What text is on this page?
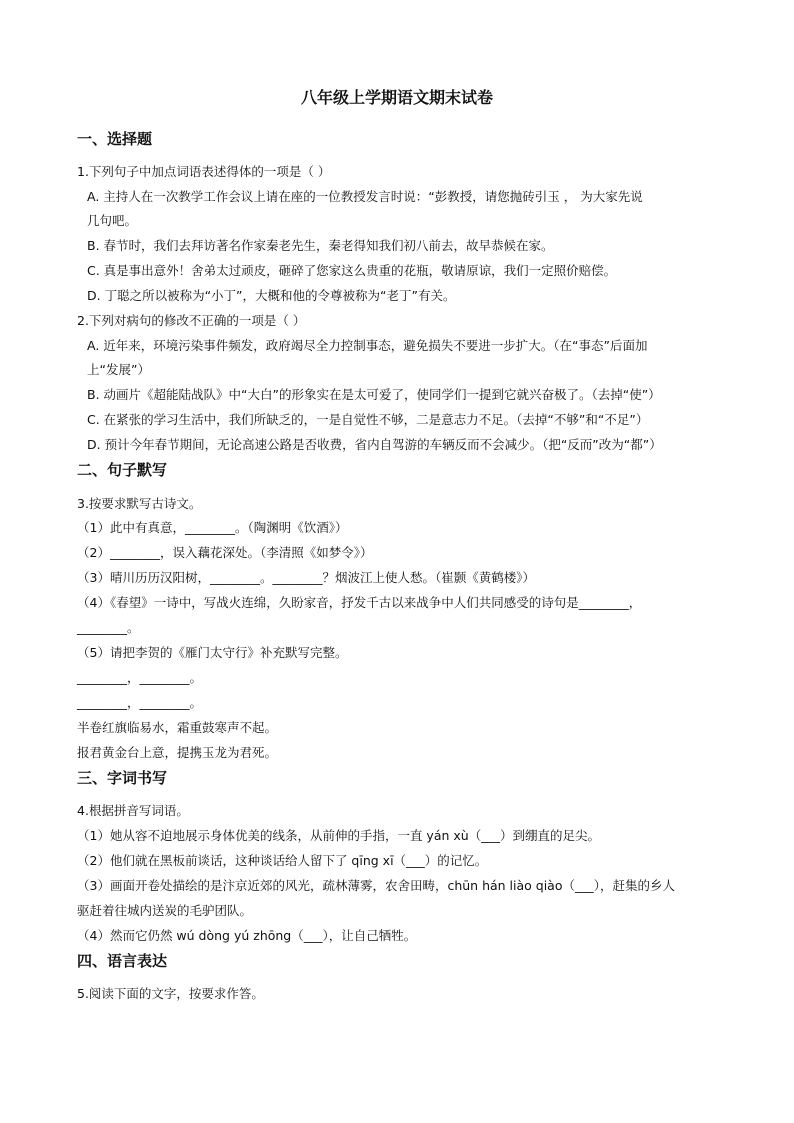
八年级上学期语文期末试卷
一、选择题
1.下列句子中加点词语表述得体的一项是（ ）
A. 主持人在一次教学工作会议上请在座的一位教授发言时说：“彭教授，请您抛砖引玉 ， 为大家先说
几句吧。
B. 春节时，我们去拜访著名作家秦老先生，秦老得知我们初八前去，故早恭候在家。
C. 真是事出意外！舍弟太过顽皮，砸碎了您家这么贵重的花瓶，敬请原谅，我们一定照价赔偿。
D. 丁聪之所以被称为“小丁”，大概和他的令尊被称为“老丁”有关。
2.下列对病句的修改不正确的一项是（ ）
A. 近年来，环境污染事件频发，政府竭尽全力控制事态，避免损失不要进一步扩大。（在“事态”后面加
上“发展”）
B. 动画片《超能陆战队》中“大白”的形象实在是太可爱了，使同学们一提到它就兴奋极了。（去掉“使”）
C. 在紧张的学习生活中，我们所缺乏的，一是自觉性不够，二是意志力不足。（去掉“不够”和“不足”）
D. 预计今年春节期间，无论高速公路是否收费，省内自驾游的车辆反而不会减少。（把“反而”改为“都”）
二、句子默写
3.按要求默写古诗文。
（1）此中有真意，________。（陶渊明《饮酒》）
（2）________，误入藕花深处。（李清照《如梦令》）
（3）晴川历历汉阳树，________。________？烟波江上使人愁。（崔颢《黄鹤楼》）
（4）《春望》一诗中，写战火连绵，久盼家音，抒发千古以来战争中人们共同感受的诗句是________，
________。
（5）请把李贺的《雁门太守行》补充默写完整。
________，________。
________，________。
半卷红旗临易水，霜重鼓寒声不起。
报君黄金台上意，提携玉龙为君死。
三、字词书写
4.根据拼音写词语。
（1）她从容不迫地展示身体优美的线条，从前伸的手指，一直 yán xù（___）到绷直的足尖。
（2）他们就在黑板前谈话，这种谈话给人留下了 qīng xī（___）的记忆。
（3）画面开卷处描绘的是汴京近郊的风光，疏林薄雾，农舍田畴，chūn hán liào qiào（___），赶集的乡人
驱赶着往城内送炭的毛驴团队。
（4）然而它仍然 wú dòng yú zhōng（___），让自己牺牲。
四、语言表达
5.阅读下面的文字，按要求作答。
